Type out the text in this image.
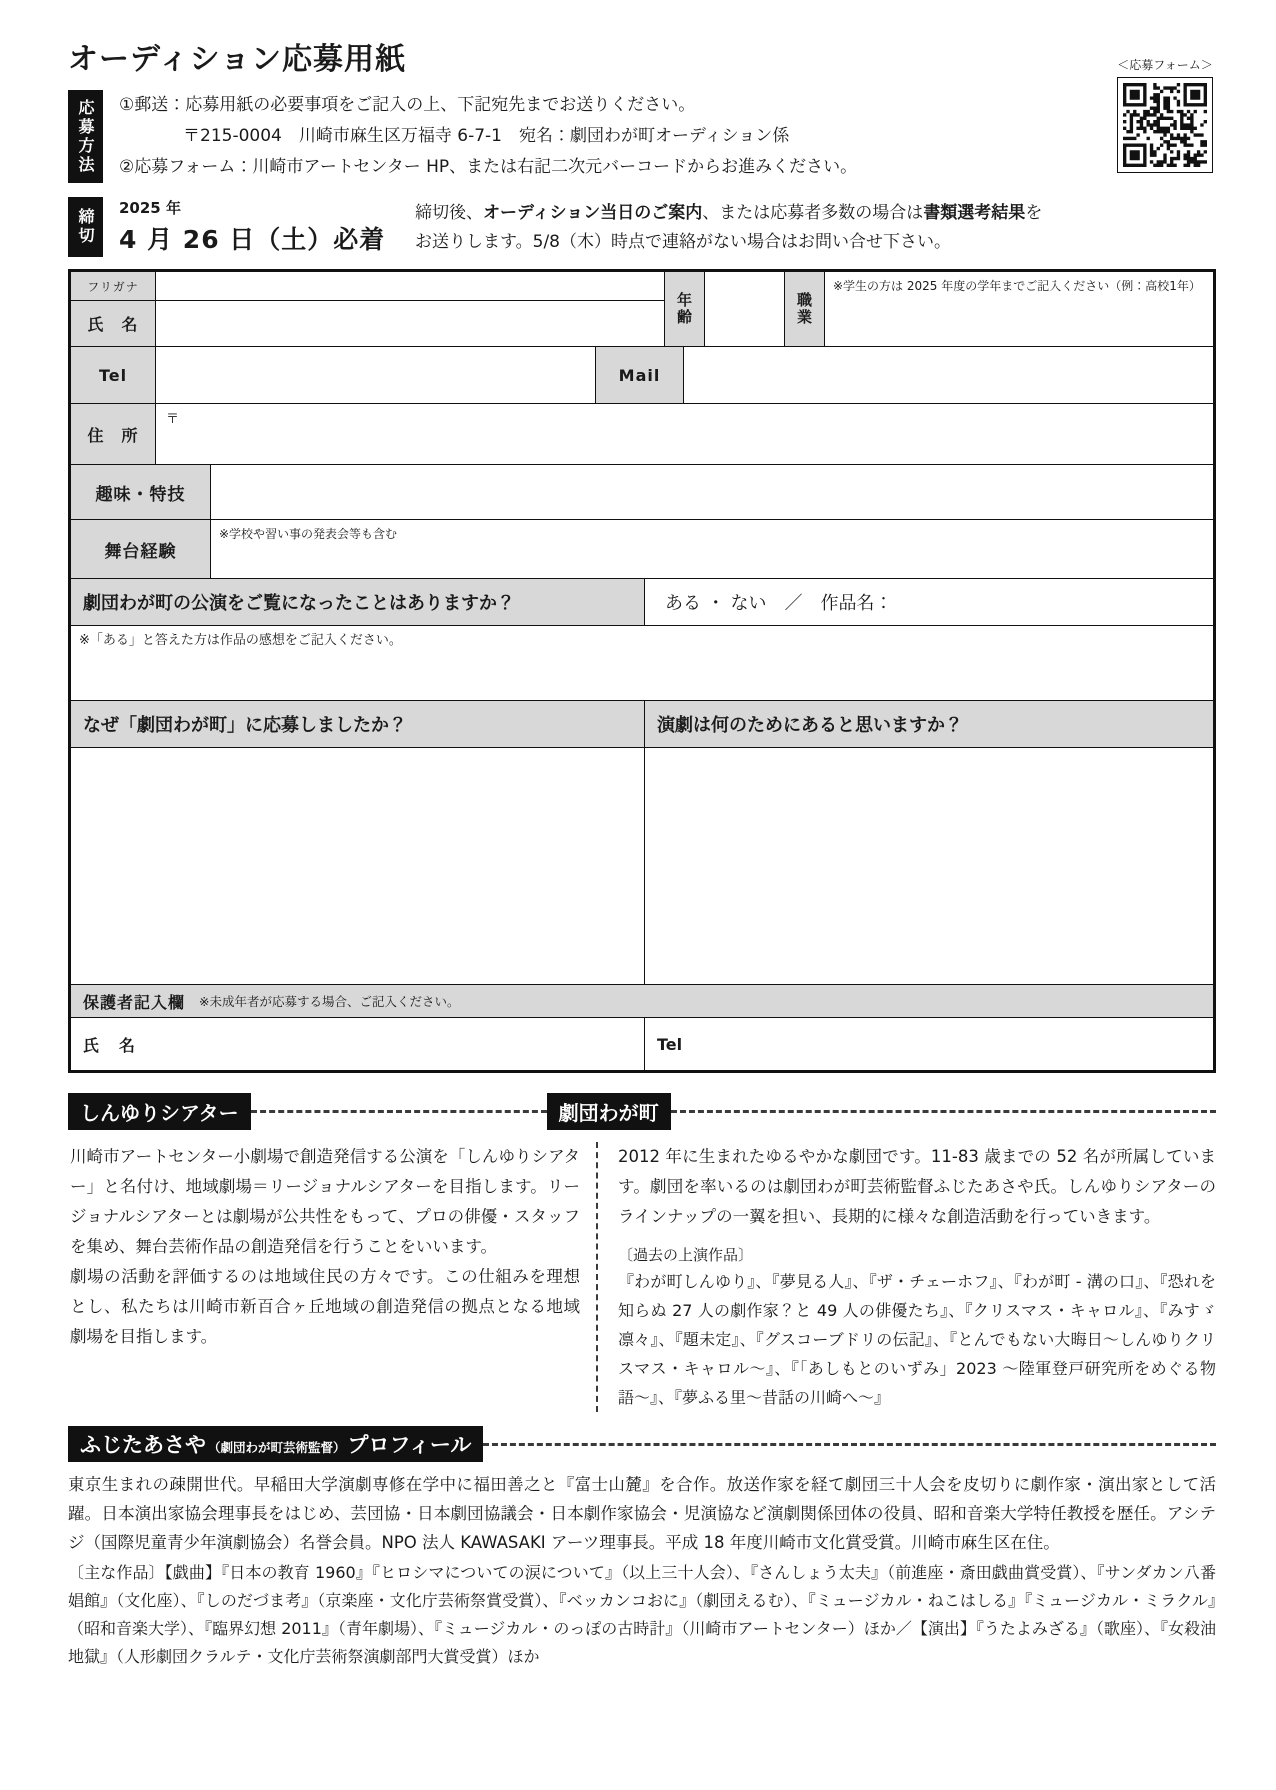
オーディション応募用紙
応募方法	①郵送：応募用紙の必要事項をご記入の上、下記宛先までお送りください。
〒215-0004　川崎市麻生区万福寺 6-7-1　宛名：劇団わが町オーディション係
②応募フォーム：川崎市アートセンター HP、または右記二次元バーコードからお進みください。
＜応募フォーム＞
締切	2025 年
4 月 26 日（土）必着
締切後、オーディション当日のご案内、または応募者多数の場合は書類選考結果を
お送りします。5/8（木）時点で連絡がない場合はお問い合せ下さい。
フリガナ
氏　名	年齢	職業
※学生の方は 2025 年度の学年までご記入ください（例：高校1年）
Tel	Mail
住　所
〒
趣味・特技
舞台経験
※学校や習い事の発表会等も含む
劇団わが町の公演をご覧になったことはありますか？	ある ・ ない　／　作品名：
※「ある」と答えた方は作品の感想をご記入ください。
なぜ「劇団わが町」に応募しましたか？	演劇は何のためにあると思いますか？
保護者記入欄 ※未成年者が応募する場合、ご記入ください。
氏　名	Tel
しんゆりシアター	劇団わが町

川崎市アートセンター小劇場で創造発信する公演を「しんゆりシアター」と名付け、地域劇場＝リージョナルシアターを目指します。リージョナルシアターとは劇場が公共性をもって、プロの俳優・スタッフを集め、舞台芸術作品の創造発信を行うことをいいます。

劇場の活動を評価するのは地域住民の方々です。この仕組みを理想とし、私たちは川崎市新百合ヶ丘地域の創造発信の拠点となる地域劇場を目指します。

2012 年に生まれたゆるやかな劇団です。11-83 歳までの 52 名が所属しています。劇団を率いるのは劇団わが町芸術監督ふじたあさや氏。しんゆりシアターのラインナップの一翼を担い、長期的に様々な創造活動を行っていきます。

〔過去の上演作品〕

『わが町しんゆり』、『夢見る人』、『ザ・チェーホフ』、『わが町 - 溝の口』、『恐れを知らぬ 27 人の劇作家？と 49 人の俳優たち』、『クリスマス・キャロル』、『みすゞ凛々』、『題未定』、『グスコーブドリの伝記』、『とんでもない大晦日〜しんゆりクリスマス・キャロル〜』、『「あしもとのいずみ」2023 〜陸軍登戸研究所をめぐる物語〜』、『夢ふる里〜昔話の川崎へ〜』

ふじたあさや （劇団わが町芸術監督） プロフィール

東京生まれの疎開世代。早稲田大学演劇専修在学中に福田善之と『富士山麓』を合作。放送作家を経て劇団三十人会を皮切りに劇作家・演出家として活躍。日本演出家協会理事長をはじめ、芸団協・日本劇団協議会・日本劇作家協会・児演協など演劇関係団体の役員、昭和音楽大学特任教授を歴任。アシテジ（国際児童青少年演劇協会）名誉会員。NPO 法人 KAWASAKI アーツ理事長。平成 18 年度川崎市文化賞受賞。川崎市麻生区在住。

〔主な作品〕【戯曲】『日本の教育 1960』『ヒロシマについての涙について』（以上三十人会）、『さんしょう太夫』（前進座・斎田戯曲賞受賞）、『サンダカン八番娼館』（文化座）、『しのだづま考』（京楽座・文化庁芸術祭賞受賞）、『ベッカンコおに』（劇団えるむ）、『ミュージカル・ねこはしる』『ミュージカル・ミラクル』（昭和音楽大学）、『臨界幻想 2011』（青年劇場）、『ミュージカル・のっぽの古時計』（川崎市アートセンター）ほか／【演出】『うたよみざる』（歌座）、『女殺油地獄』（人形劇団クラルテ・文化庁芸術祭演劇部門大賞受賞）ほか
